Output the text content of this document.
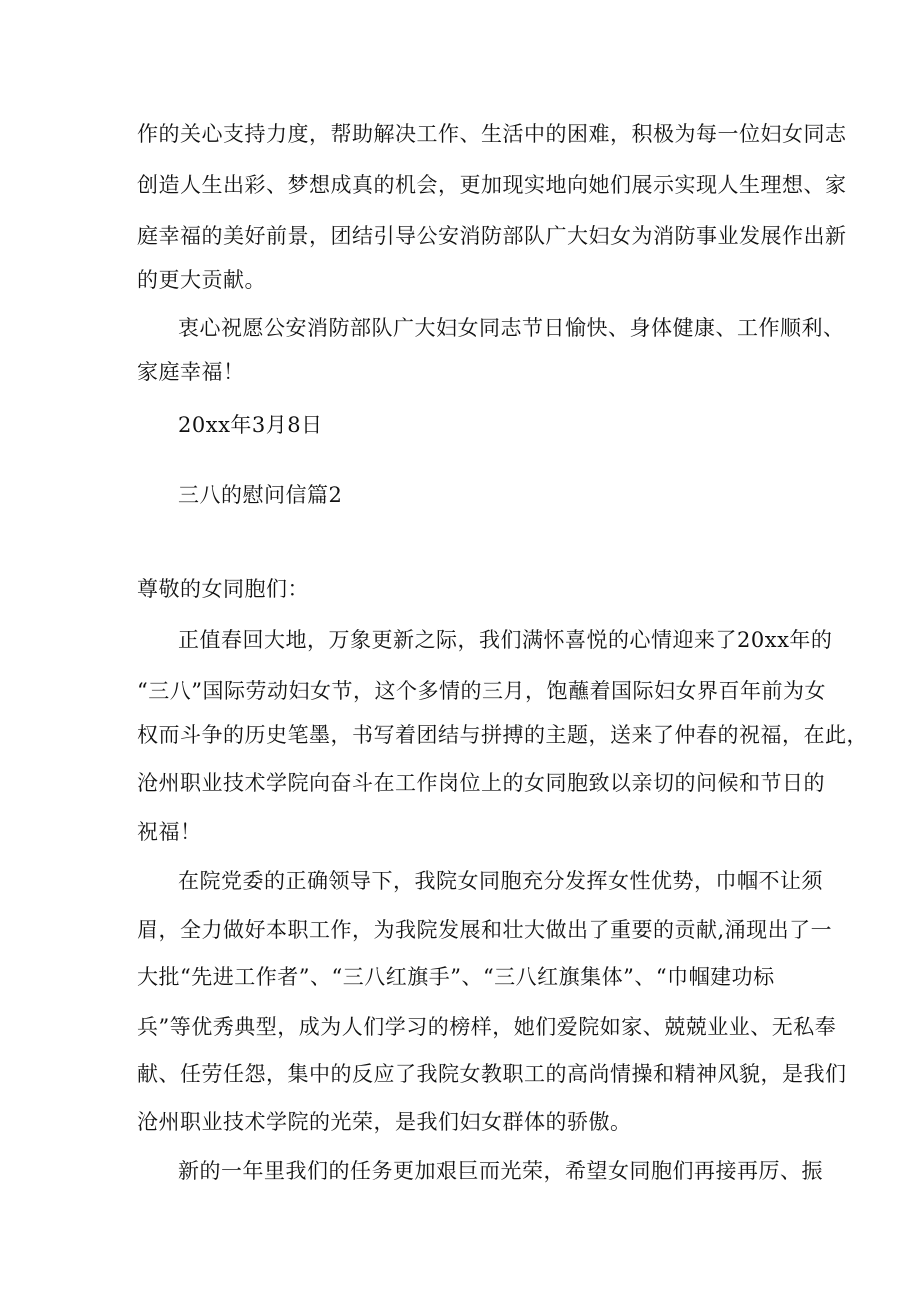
作的关心支持力度，帮助解决工作、生活中的困难，积极为每一位妇女同志
创造人生出彩、梦想成真的机会，更加现实地向她们展示实现人生理想、家
庭幸福的美好前景，团结引导公安消防部队广大妇女为消防事业发展作出新
的更大贡献。
衷心祝愿公安消防部队广大妇女同志节日愉快、身体健康、工作顺利、
家庭幸福！
20xx年3月8日
三八的慰问信篇2
尊敬的女同胞们：
正值春回大地，万象更新之际，我们满怀喜悦的心情迎来了20xx年的
“三八”国际劳动妇女节，这个多情的三月，饱蘸着国际妇女界百年前为女
权而斗争的历史笔墨，书写着团结与拼搏的主题，送来了仲春的祝福，在此，
沧州职业技术学院向奋斗在工作岗位上的女同胞致以亲切的问候和节日的
祝福！
在院党委的正确领导下，我院女同胞充分发挥女性优势，巾帼不让须
眉，全力做好本职工作，为我院发展和壮大做出了重要的贡献,涌现出了一
大批“先进工作者”、“三八红旗手”、“三八红旗集体”、“巾帼建功标
兵”等优秀典型，成为人们学习的榜样，她们爱院如家、兢兢业业、无私奉
献、任劳任怨，集中的反应了我院女教职工的高尚情操和精神风貌，是我们
沧州职业技术学院的光荣，是我们妇女群体的骄傲。
新的一年里我们的任务更加艰巨而光荣，希望女同胞们再接再厉、振
